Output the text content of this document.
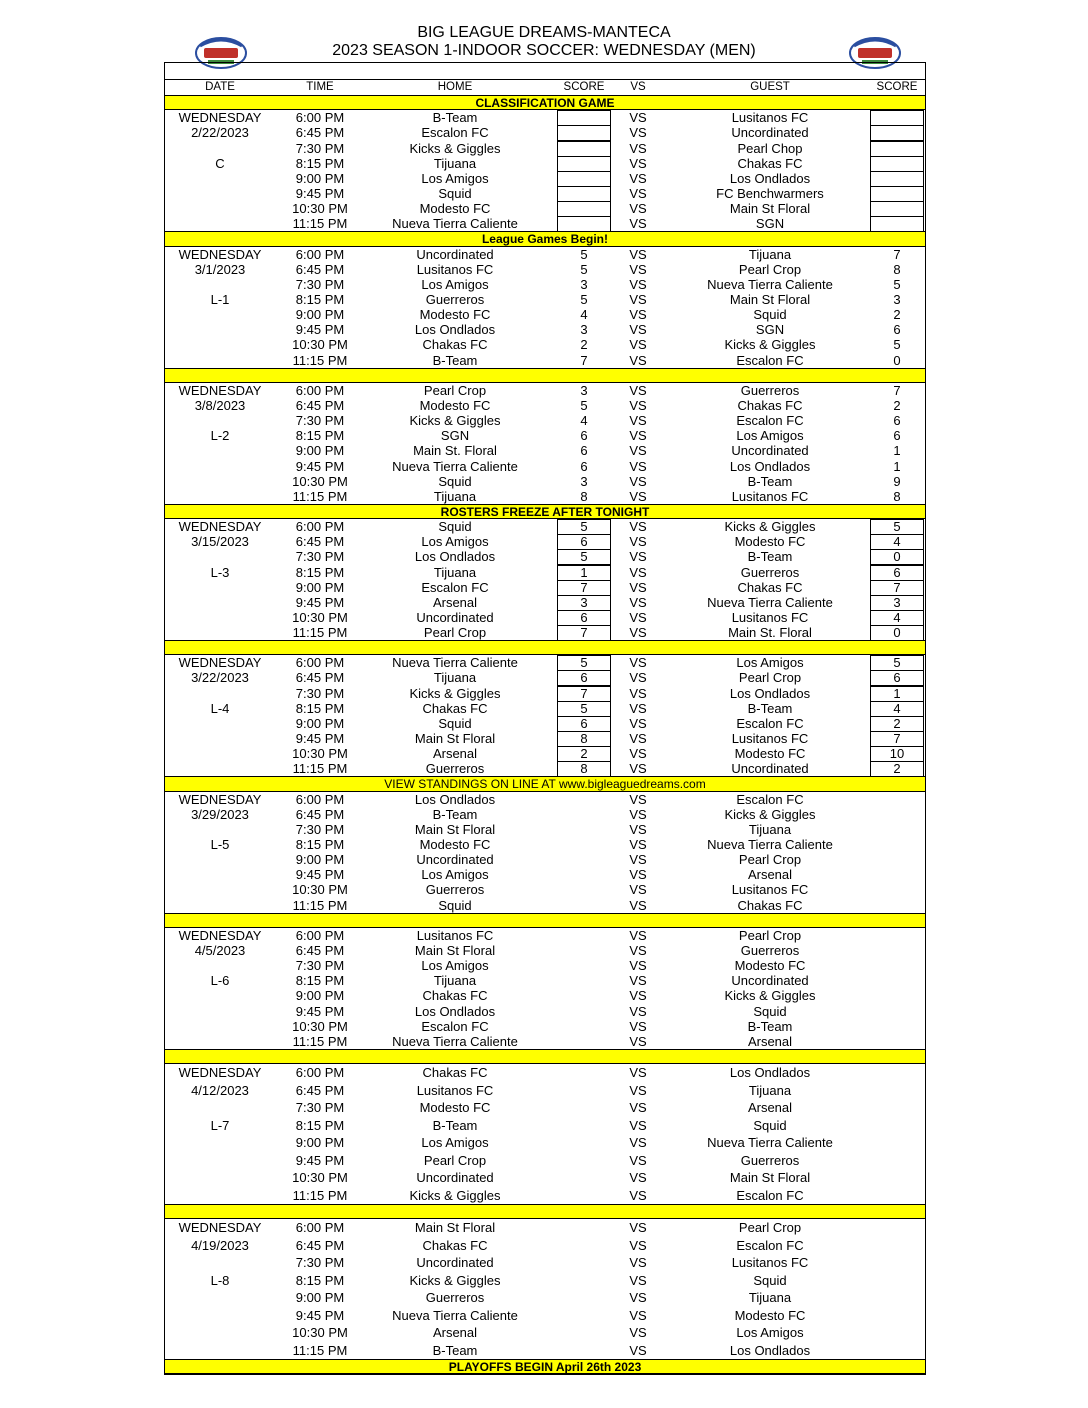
BIG LEAGUE DREAMS-MANTECA
2023 SEASON 1-INDOOR SOCCER: WEDNESDAY (MEN)
DATE	TIME	HOME	SCORE	VS	GUEST	SCORE
CLASSIFICATION GAME
WEDNESDAY	6:00 PM	B-Team	VS	Lusitanos FC
2/22/2023	6:45 PM	Escalon FC	VS	Uncordinated
7:30 PM	Kicks & Giggles	VS	Pearl Chop
C	8:15 PM	Tijuana	VS	Chakas FC
9:00 PM	Los Amigos	VS	Los Ondlados
9:45 PM	Squid	VS	FC Benchwarmers
10:30 PM	Modesto FC	VS	Main St Floral
11:15 PM	Nueva Tierra Caliente	VS	SGN
League Games Begin!
WEDNESDAY	6:00 PM	Uncordinated	5	VS	Tijuana	7
3/1/2023	6:45 PM	Lusitanos FC	5	VS	Pearl Crop	8
7:30 PM	Los Amigos	3	VS	Nueva Tierra Caliente	5
L-1	8:15 PM	Guerreros	5	VS	Main St Floral	3
9:00 PM	Modesto FC	4	VS	Squid	2
9:45 PM	Los Ondlados	3	VS	SGN	6
10:30 PM	Chakas FC	2	VS	Kicks & Giggles	5
11:15 PM	B-Team	7	VS	Escalon FC	0
WEDNESDAY	6:00 PM	Pearl Crop	3	VS	Guerreros	7
3/8/2023	6:45 PM	Modesto FC	5	VS	Chakas FC	2
7:30 PM	Kicks & Giggles	4	VS	Escalon FC	6
L-2	8:15 PM	SGN	6	VS	Los Amigos	6
9:00 PM	Main St. Floral	6	VS	Uncordinated	1
9:45 PM	Nueva Tierra Caliente	6	VS	Los Ondlados	1
10:30 PM	Squid	3	VS	B-Team	9
11:15 PM	Tijuana	8	VS	Lusitanos FC	8
ROSTERS FREEZE AFTER TONIGHT
WEDNESDAY	6:00 PM	Squid	5	VS	Kicks & Giggles	5
3/15/2023	6:45 PM	Los Amigos	6	VS	Modesto FC	4
7:30 PM	Los Ondlados	5	VS	B-Team	0
L-3	8:15 PM	Tijuana	1	VS	Guerreros	6
9:00 PM	Escalon FC	7	VS	Chakas FC	7
9:45 PM	Arsenal	3	VS	Nueva Tierra Caliente	3
10:30 PM	Uncordinated	6	VS	Lusitanos FC	4
11:15 PM	Pearl Crop	7	VS	Main St. Floral	0
WEDNESDAY	6:00 PM	Nueva Tierra Caliente	5	VS	Los Amigos	5
3/22/2023	6:45 PM	Tijuana	6	VS	Pearl Crop	6
7:30 PM	Kicks & Giggles	7	VS	Los Ondlados	1
L-4	8:15 PM	Chakas FC	5	VS	B-Team	4
9:00 PM	Squid	6	VS	Escalon FC	2
9:45 PM	Main St Floral	8	VS	Lusitanos FC	7
10:30 PM	Arsenal	2	VS	Modesto FC	10
11:15 PM	Guerreros	8	VS	Uncordinated	2
VIEW STANDINGS ON LINE AT www.bigleaguedreams.com
WEDNESDAY	6:00 PM	Los Ondlados	VS	Escalon FC
3/29/2023	6:45 PM	B-Team	VS	Kicks & Giggles
7:30 PM	Main St Floral	VS	Tijuana
L-5	8:15 PM	Modesto FC	VS	Nueva Tierra Caliente
9:00 PM	Uncordinated	VS	Pearl Crop
9:45 PM	Los Amigos	VS	Arsenal
10:30 PM	Guerreros	VS	Lusitanos FC
11:15 PM	Squid	VS	Chakas FC
WEDNESDAY	6:00 PM	Lusitanos FC	VS	Pearl Crop
4/5/2023	6:45 PM	Main St Floral	VS	Guerreros
7:30 PM	Los Amigos	VS	Modesto FC
L-6	8:15 PM	Tijuana	VS	Uncordinated
9:00 PM	Chakas FC	VS	Kicks & Giggles
9:45 PM	Los Ondlados	VS	Squid
10:30 PM	Escalon FC	VS	B-Team
11:15 PM	Nueva Tierra Caliente	VS	Arsenal
WEDNESDAY	6:00 PM	Chakas FC	VS	Los Ondlados
4/12/2023	6:45 PM	Lusitanos FC	VS	Tijuana
7:30 PM	Modesto FC	VS	Arsenal
L-7	8:15 PM	B-Team	VS	Squid
9:00 PM	Los Amigos	VS	Nueva Tierra Caliente
9:45 PM	Pearl Crop	VS	Guerreros
10:30 PM	Uncordinated	VS	Main St Floral
11:15 PM	Kicks & Giggles	VS	Escalon FC
WEDNESDAY	6:00 PM	Main St Floral	VS	Pearl Crop
4/19/2023	6:45 PM	Chakas FC	VS	Escalon FC
7:30 PM	Uncordinated	VS	Lusitanos FC
L-8	8:15 PM	Kicks & Giggles	VS	Squid
9:00 PM	Guerreros	VS	Tijuana
9:45 PM	Nueva Tierra Caliente	VS	Modesto FC
10:30 PM	Arsenal	VS	Los Amigos
11:15 PM	B-Team	VS	Los Ondlados
PLAYOFFS BEGIN April 26th 2023
